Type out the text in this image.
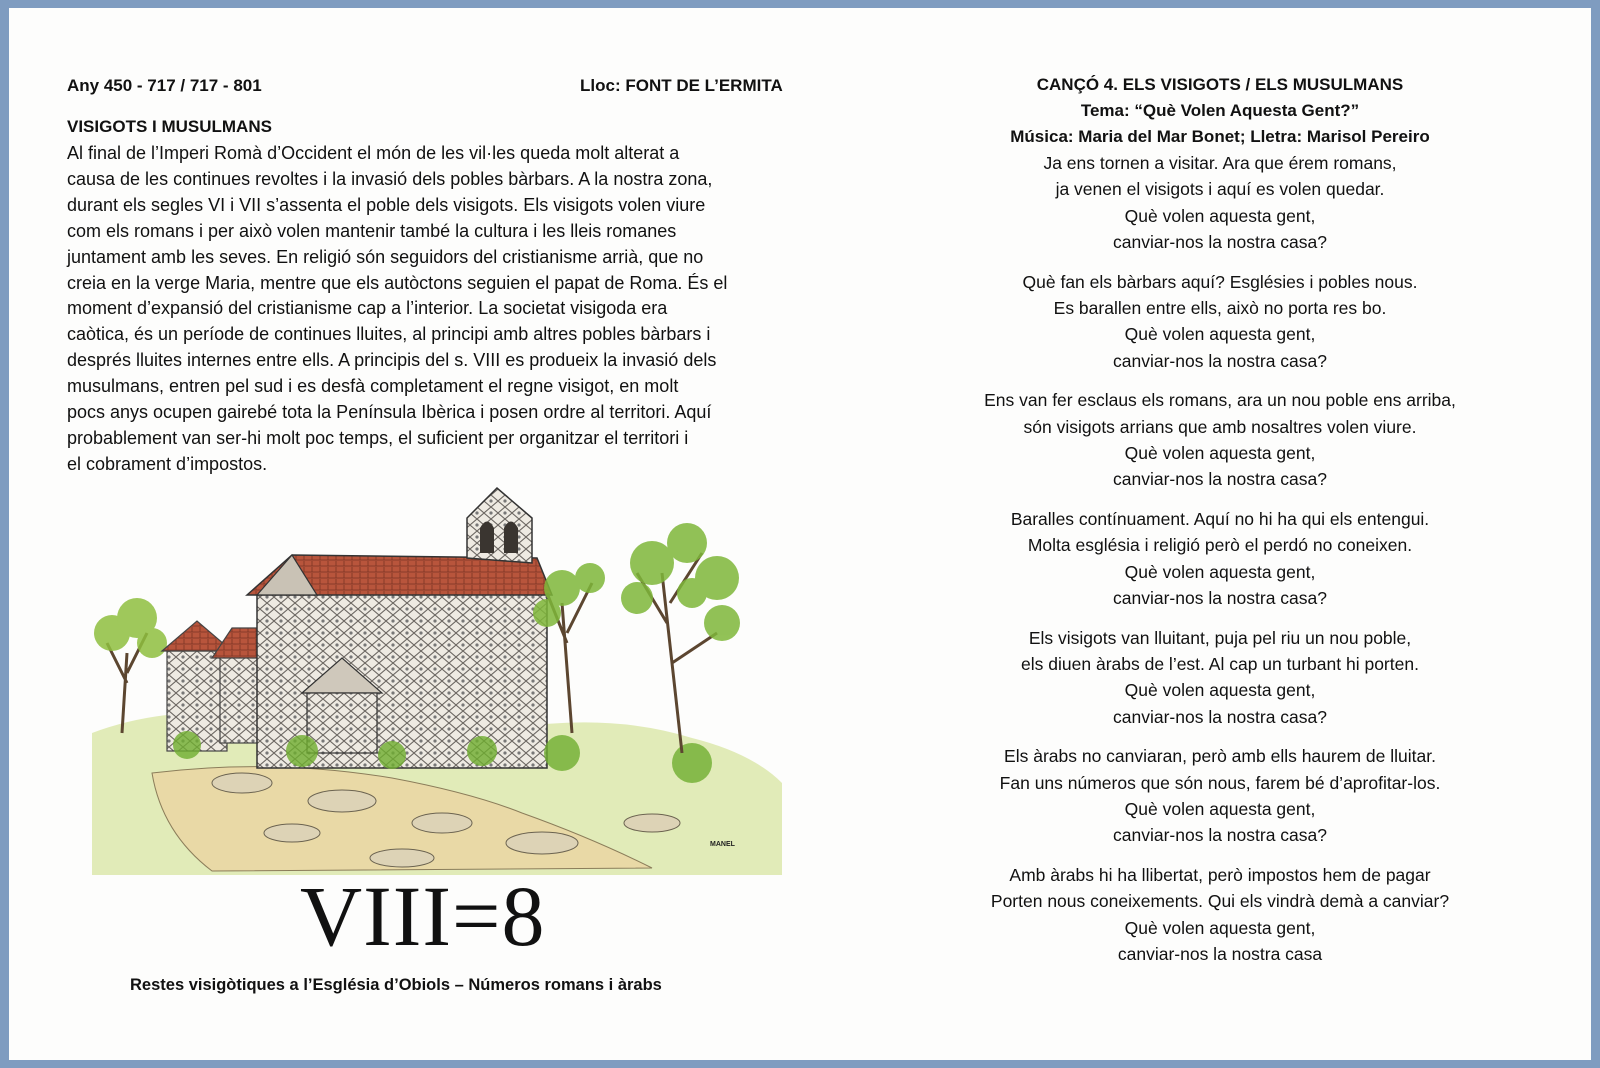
Any 450 - 717 / 717 - 801	Lloc: FONT DE L’ERMITA
VISIGOTS I MUSULMANS
Al final de l’Imperi Romà d’Occident el món de les vil·les queda molt alterat a
causa de les continues revoltes i la invasió dels pobles bàrbars. A la nostra zona,
durant els segles VI i VII s’assenta el poble dels visigots. Els visigots volen viure
com els romans i per això volen mantenir també la cultura i les lleis romanes
juntament amb les seves. En religió són seguidors del cristianisme arrià, que no
creia en la verge Maria, mentre que els autòctons seguien el papat de Roma. És el
moment d’expansió del cristianisme cap a l’interior. La societat visigoda era
caòtica, és un període de continues lluites, al principi amb altres pobles bàrbars i
després lluites internes entre ells. A principis del s. VIII es produeix la invasió dels
musulmans, entren pel sud i es desfà completament el regne visigot, en molt
pocs anys ocupen gairebé tota la Península Ibèrica i posen ordre al territori. Aquí
probablement van ser-hi molt poc temps, el suficient per organitzar el territori i
el cobrament d’impostos.
MANEL
VIII=8
Restes visigòtiques a l’Església d’Obiols – Números romans i àrabs
CANÇÓ 4. ELS VISIGOTS / ELS MUSULMANS
Tema: “Què Volen Aquesta Gent?”
Música: Maria del Mar Bonet; Lletra: Marisol Pereiro
Ja ens tornen a visitar. Ara que érem romans,
ja venen el visigots i aquí es volen quedar.
Què volen aquesta gent,
canviar-nos la nostra casa?
Què fan els bàrbars aquí? Esglésies i pobles nous.
Es barallen entre ells, això no porta res bo.
Què volen aquesta gent,
canviar-nos la nostra casa?
Ens van fer esclaus els romans, ara un nou poble ens arriba,
són visigots arrians que amb nosaltres volen viure.
Què volen aquesta gent,
canviar-nos la nostra casa?
Baralles contínuament. Aquí no hi ha qui els entengui.
Molta església i religió però el perdó no coneixen.
Què volen aquesta gent,
canviar-nos la nostra casa?
Els visigots van lluitant, puja pel riu un nou poble,
els diuen àrabs de l’est. Al cap un turbant hi porten.
Què volen aquesta gent,
canviar-nos la nostra casa?
Els àrabs no canviaran, però amb ells haurem de lluitar.
Fan uns números que són nous, farem bé d’aprofitar-los.
Què volen aquesta gent,
canviar-nos la nostra casa?
Amb àrabs hi ha llibertat, però impostos hem de pagar
Porten nous coneixements. Qui els vindrà demà a canviar?
Què volen aquesta gent,
canviar-nos la nostra casa
